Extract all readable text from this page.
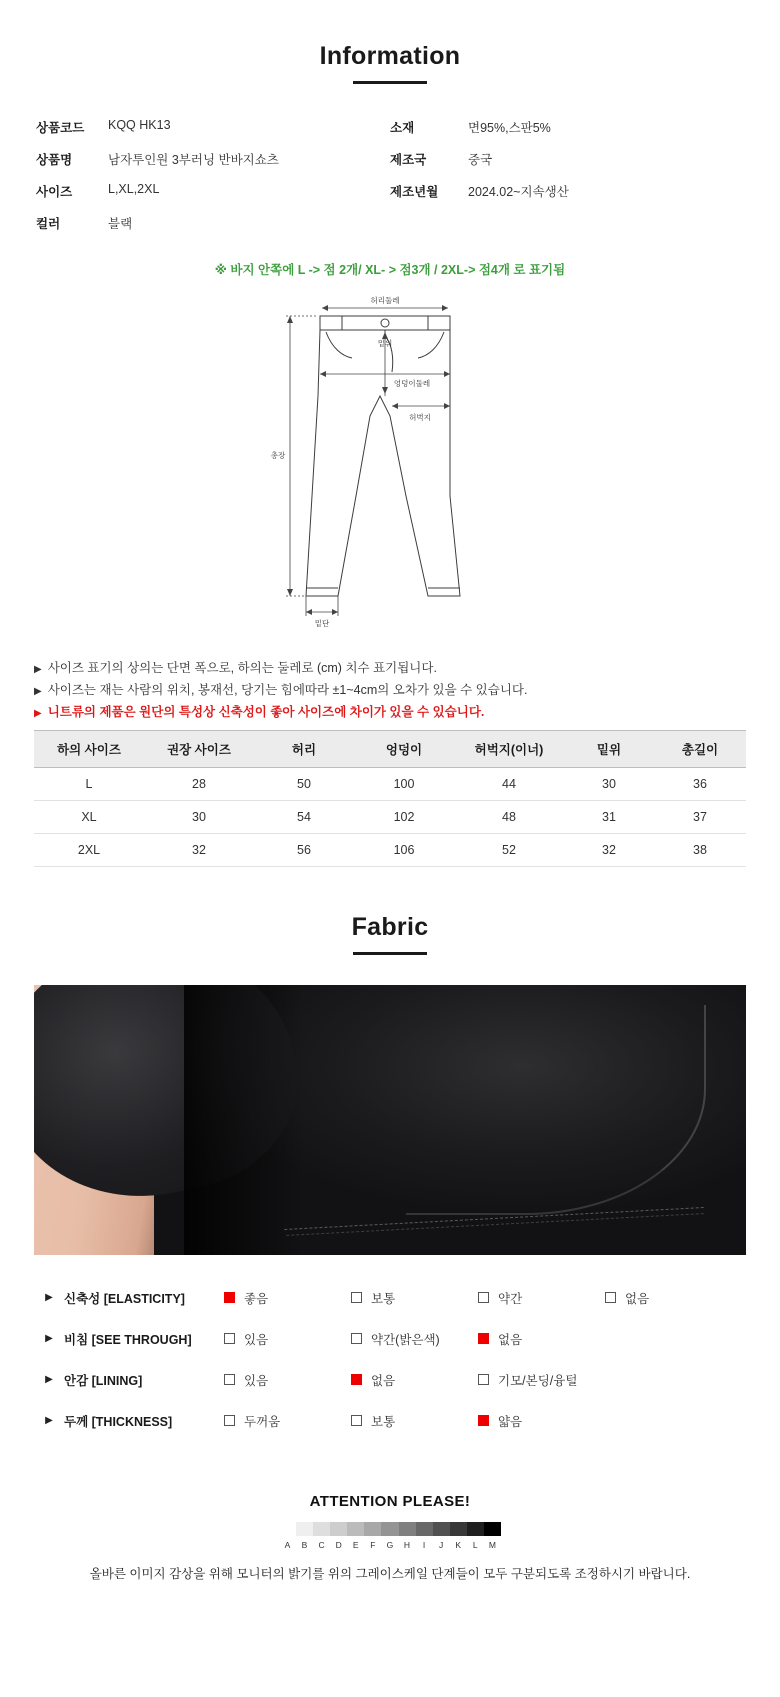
Information
상품코드	KQQ HK13
상품명	남자투인원 3부러닝 반바지쇼츠
사이즈	L,XL,2XL
컬러	블랙
소재	면95%,스판5%
제조국	중국
제조년월	2024.02~지속생산
※ 바지 안쪽에 L -> 점 2개/ XL- > 점3개 / 2XL-> 점4개 로 표기됨
허리둘레
밑위
엉덩이둘레
허벅지
총장
밑단
▶ 사이즈 표기의 상의는 단면 폭으로, 하의는 둘레로 (cm) 치수 표기됩니다.
▶ 사이즈는 재는 사람의 위치, 봉재선, 당기는 힘에따라 ±1~4cm의 오차가 있을 수 있습니다.
▶ 니트류의 제품은 원단의 특성상 신축성이 좋아 사이즈에 차이가 있을 수 있습니다.
하의 사이즈	권장 사이즈	허리	엉덩이	허벅지(이너)	밑위	총길이
L	28	50	100	44	30	36
XL	30	54	102	48	31	37
2XL	32	56	106	52	32	38
Fabric
▶ 신축성 [ELASTICITY]	좋음	보통	약간	없음
▶ 비침 [SEE THROUGH]	있음	약간(밝은색)	없음
▶ 안감 [LINING]	있음	없음	기모/본딩/융털
▶ 두께 [THICKNESS]	두꺼움	보통	얇음
ATTENTION PLEASE!
A	B	C	D	E	F	G	H	I	J	K	L	M

올바른 이미지 감상을 위해 모니터의 밝기를 위의 그레이스케일 단계들이 모두 구분되도록 조정하시기 바랍니다.
